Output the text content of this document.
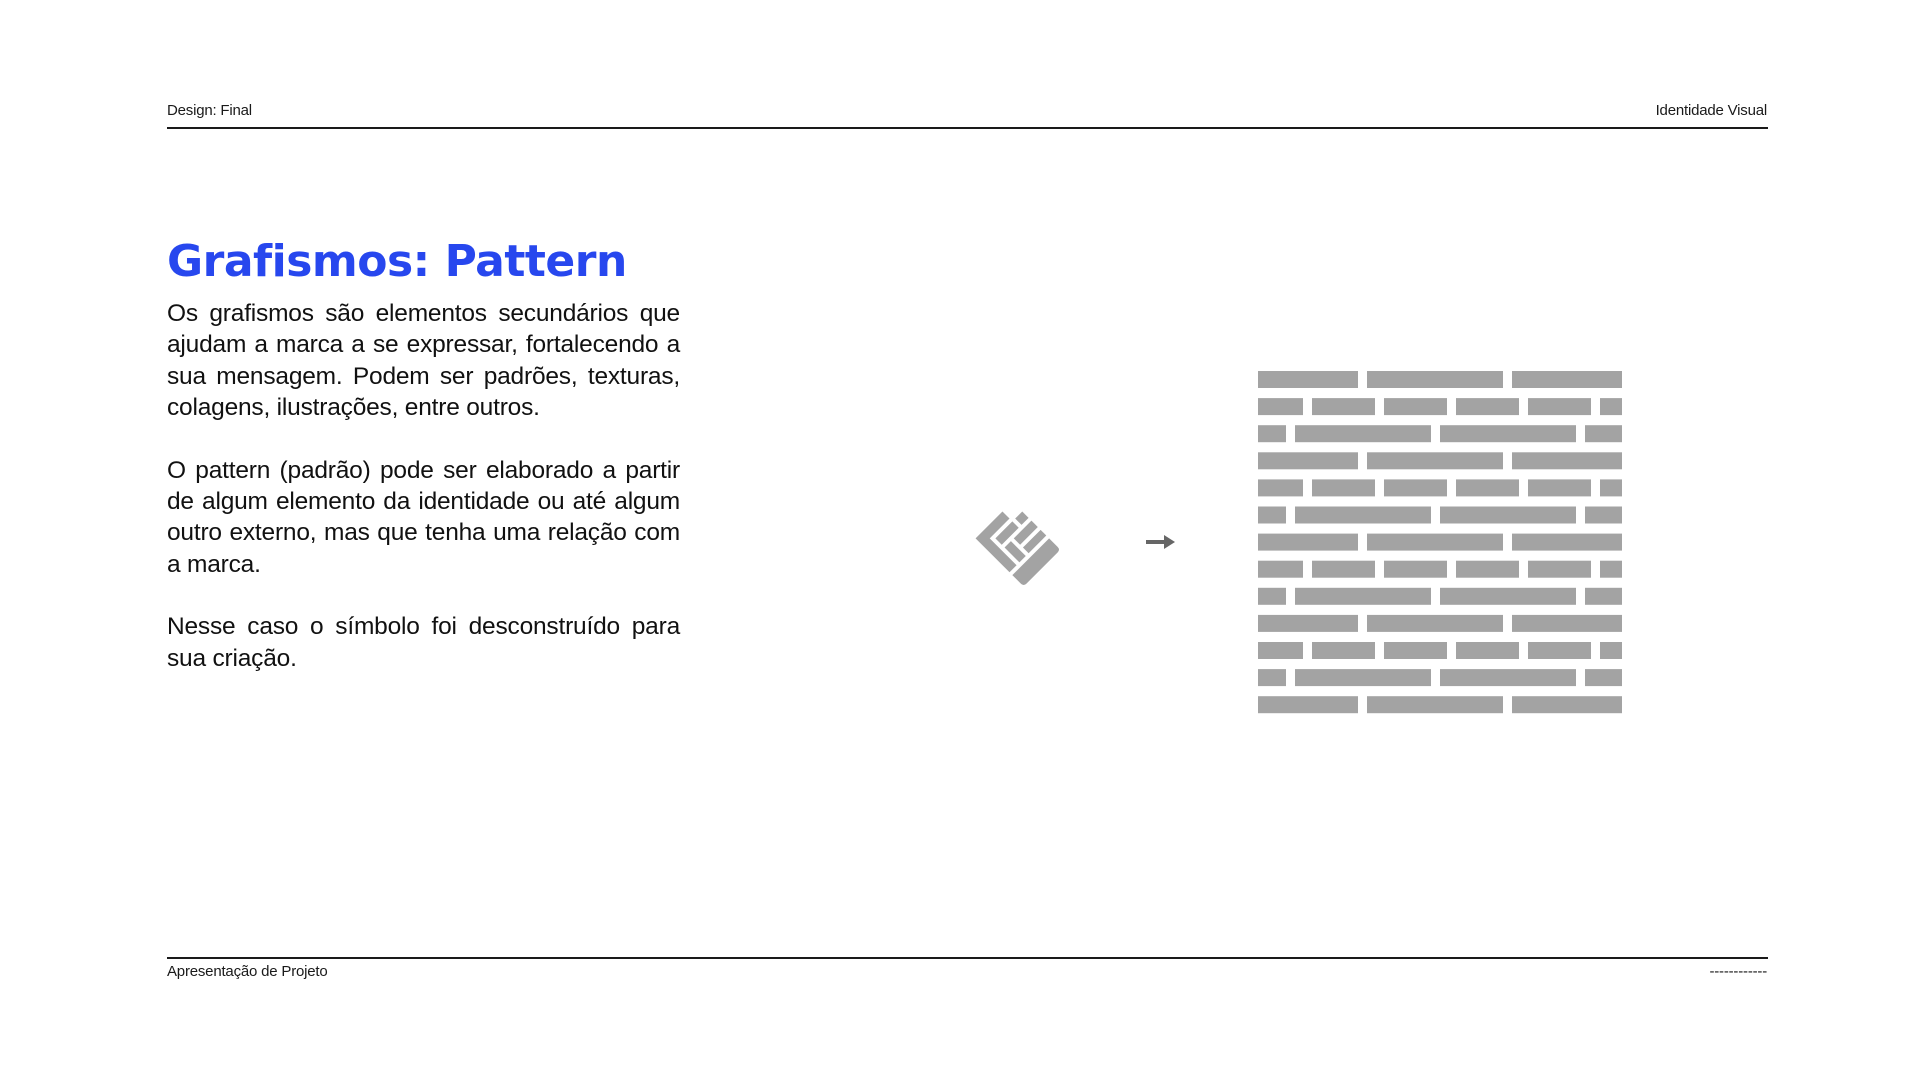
Design: Final	Identidade Visual
Grafismos: Pattern

Os grafismos são elementos secundários que ajudam a marca a se expressar, fortalecendo a sua mensagem. Podem ser padrões, texturas, colagens, ilustrações, entre outros.

O pattern (padrão) pode ser elaborado a partir de algum elemento da identidade ou até algum outro externo, mas que tenha uma relação com a marca.

Nesse caso o símbolo foi desconstruído para sua criação.

Apresentação de Projeto	------------
